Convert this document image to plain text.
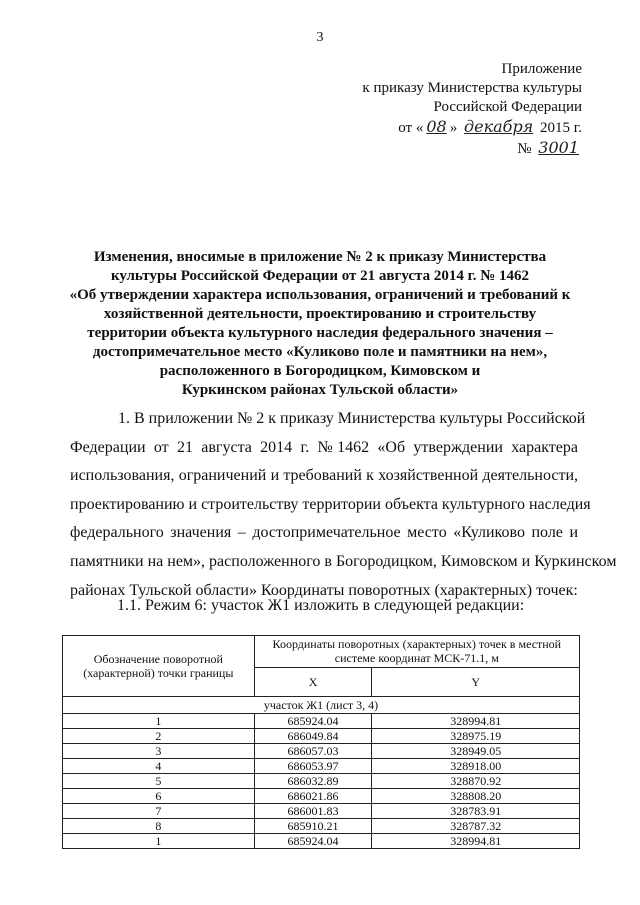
3
Приложение
к приказу Министерства культуры
Российской Федерации
от « 08 » декабря 2015 г.
№ 3001
Изменения, вносимые в приложение № 2 к приказу Министерства
культуры Российской Федерации от 21 августа 2014 г. № 1462
«Об утверждении характера использования, ограничений и требований к
хозяйственной деятельности, проектированию и строительству
территории объекта культурного наследия федерального значения –
достопримечательное место «Куликово поле и памятники на нем»,
расположенного в Богородицком, Кимовском и
Куркинском районах Тульской области»
1. В приложении № 2 к приказу Министерства культуры Российской
Федерации от 21 августа 2014 г. №1462 «Об утверждении характера
использования, ограничений и требований к хозяйственной деятельности,
проектированию и строительству территории объекта культурного наследия
федерального значения – достопримечательное место «Куликово поле и
памятники на нем», расположенного в Богородицком, Кимовском и Куркинском
районах Тульской области» Координаты поворотных (характерных) точек:
1.1. Режим 6: участок Ж1 изложить в следующей редакции:
Обозначение поворотной (характерной) точки границы	Координаты поворотных (характерных) точек в местной системе координат МСК-71.1, м	
	X	Y
участок Ж1 (лист 3, 4)		
1	685924.04	328994.81
2	686049.84	328975.19
3	686057.03	328949.05
4	686053.97	328918.00
5	686032.89	328870.92
6	686021.86	328808.20
7	686001.83	328783.91
8	685910.21	328787.32
1	685924.04	328994.81
